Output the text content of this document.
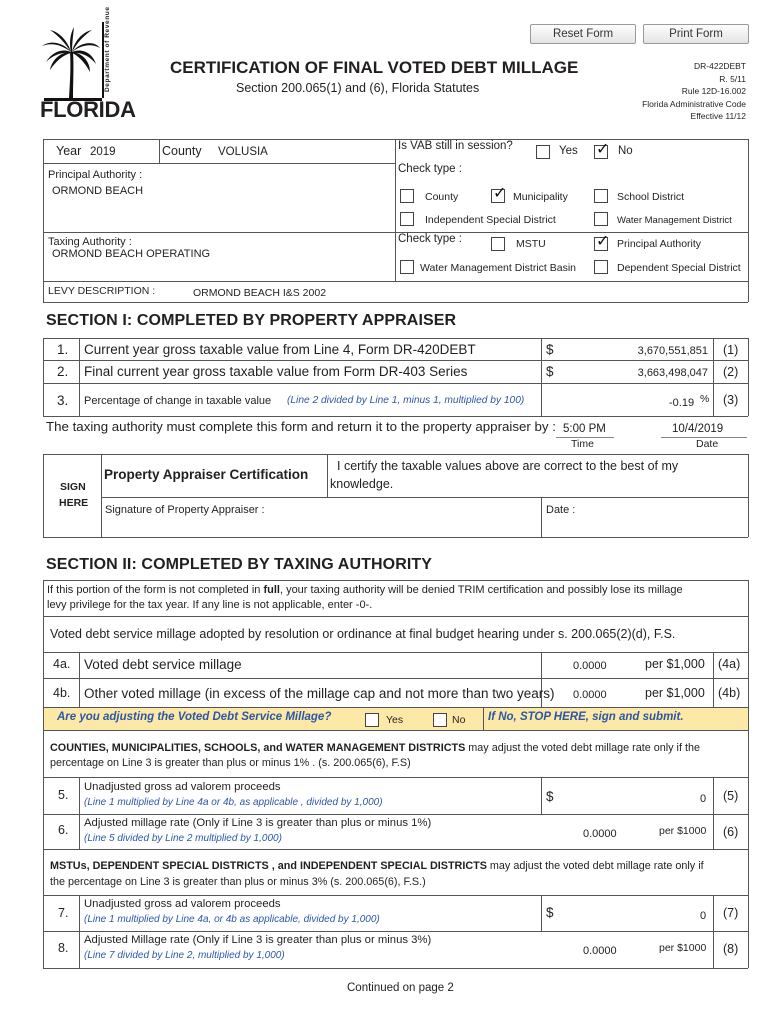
Reset Form	Print Form
Department of Revenue
FLORIDA
CERTIFICATION OF FINAL VOTED DEBT MILLAGE
Section 200.065(1) and (6), Florida Statutes
DR-422DEBT
R. 5/11
Rule 12D-16.002
Florida Administrative Code
Effective 11/12
Year 2019	County VOLUSIA	Is VAB still in session?	Yes ✓ No
Principal Authority :
ORMOND BEACH
Check type :
County ✓ Municipality	School District
Independent Special District	Water Management District
Taxing Authority :
ORMOND BEACH OPERATING
Check type :	MSTU	✓ Principal Authority
Water Management District Basin	Dependent Special District
LEVY DESCRIPTION :	ORMOND BEACH I&S 2002
SECTION I: COMPLETED BY PROPERTY APPRAISER
1. Current year gross taxable value from Line 4, Form DR-420DEBT	$	3,670,551,851 (1)
2. Final current year gross taxable value from Form DR-403 Series	$	3,663,498,047 (2)
3. Percentage of change in taxable value (Line 2 divided by Line 1, minus 1, multiplied by 100)	-0.19 % (3)
The taxing authority must complete this form and return it to the property appraiser by : 5:00 PM
Time
10/4/2019
Date
SIGN
HERE
Property Appraiser Certification
I certify the taxable values above are correct to the best of my
knowledge.
Signature of Property Appraiser :	Date :
SECTION II: COMPLETED BY TAXING AUTHORITY
If this portion of the form is not completed in full, your taxing authority will be denied TRIM certification and possibly lose its millage
levy privilege for the tax year. If any line is not applicable, enter -0-.
Voted debt service millage adopted by resolution or ordinance at final budget hearing under s. 200.065(2)(d), F.S.
4a. Voted debt service millage	0.0000	per $1,000 (4a)
4b. Other voted millage (in excess of the millage cap and not more than two years) 0.0000	per $1,000 (4b)
Are you adjusting the Voted Debt Service Millage?	Yes	No If No, STOP HERE, sign and submit.
COUNTIES, MUNICIPALITIES, SCHOOLS, and WATER MANAGEMENT DISTRICTS may adjust the voted debt millage rate only if the
percentage on Line 3 is greater than plus or minus 1% . (s. 200.065(6), F.S)
5.
Unadjusted gross ad valorem proceeds
(Line 1 multiplied by Line 4a or 4b, as applicable , divided by 1,000)	$	0 (5)
6. Adjusted millage rate (Only if Line 3 is greater than plus or minus 1%)
(Line 5 divided by Line 2 multiplied by 1,000)	0.0000	per $1000 (6)
MSTUs, DEPENDENT SPECIAL DISTRICTS , and INDEPENDENT SPECIAL DISTRICTS may adjust the voted debt millage rate only if
the percentage on Line 3 is greater than plus or minus 3% (s. 200.065(6), F.S.)
7.
Unadjusted gross ad valorem proceeds
(Line 1 multiplied by Line 4a, or 4b as applicable, divided by 1,000)	$	0 (7)
8.
Adjusted Millage rate (Only if Line 3 is greater than plus or minus 3%)
(Line 7 divided by Line 2, multiplied by 1,000)	0.0000	per $1000 (8)
Continued on page 2
